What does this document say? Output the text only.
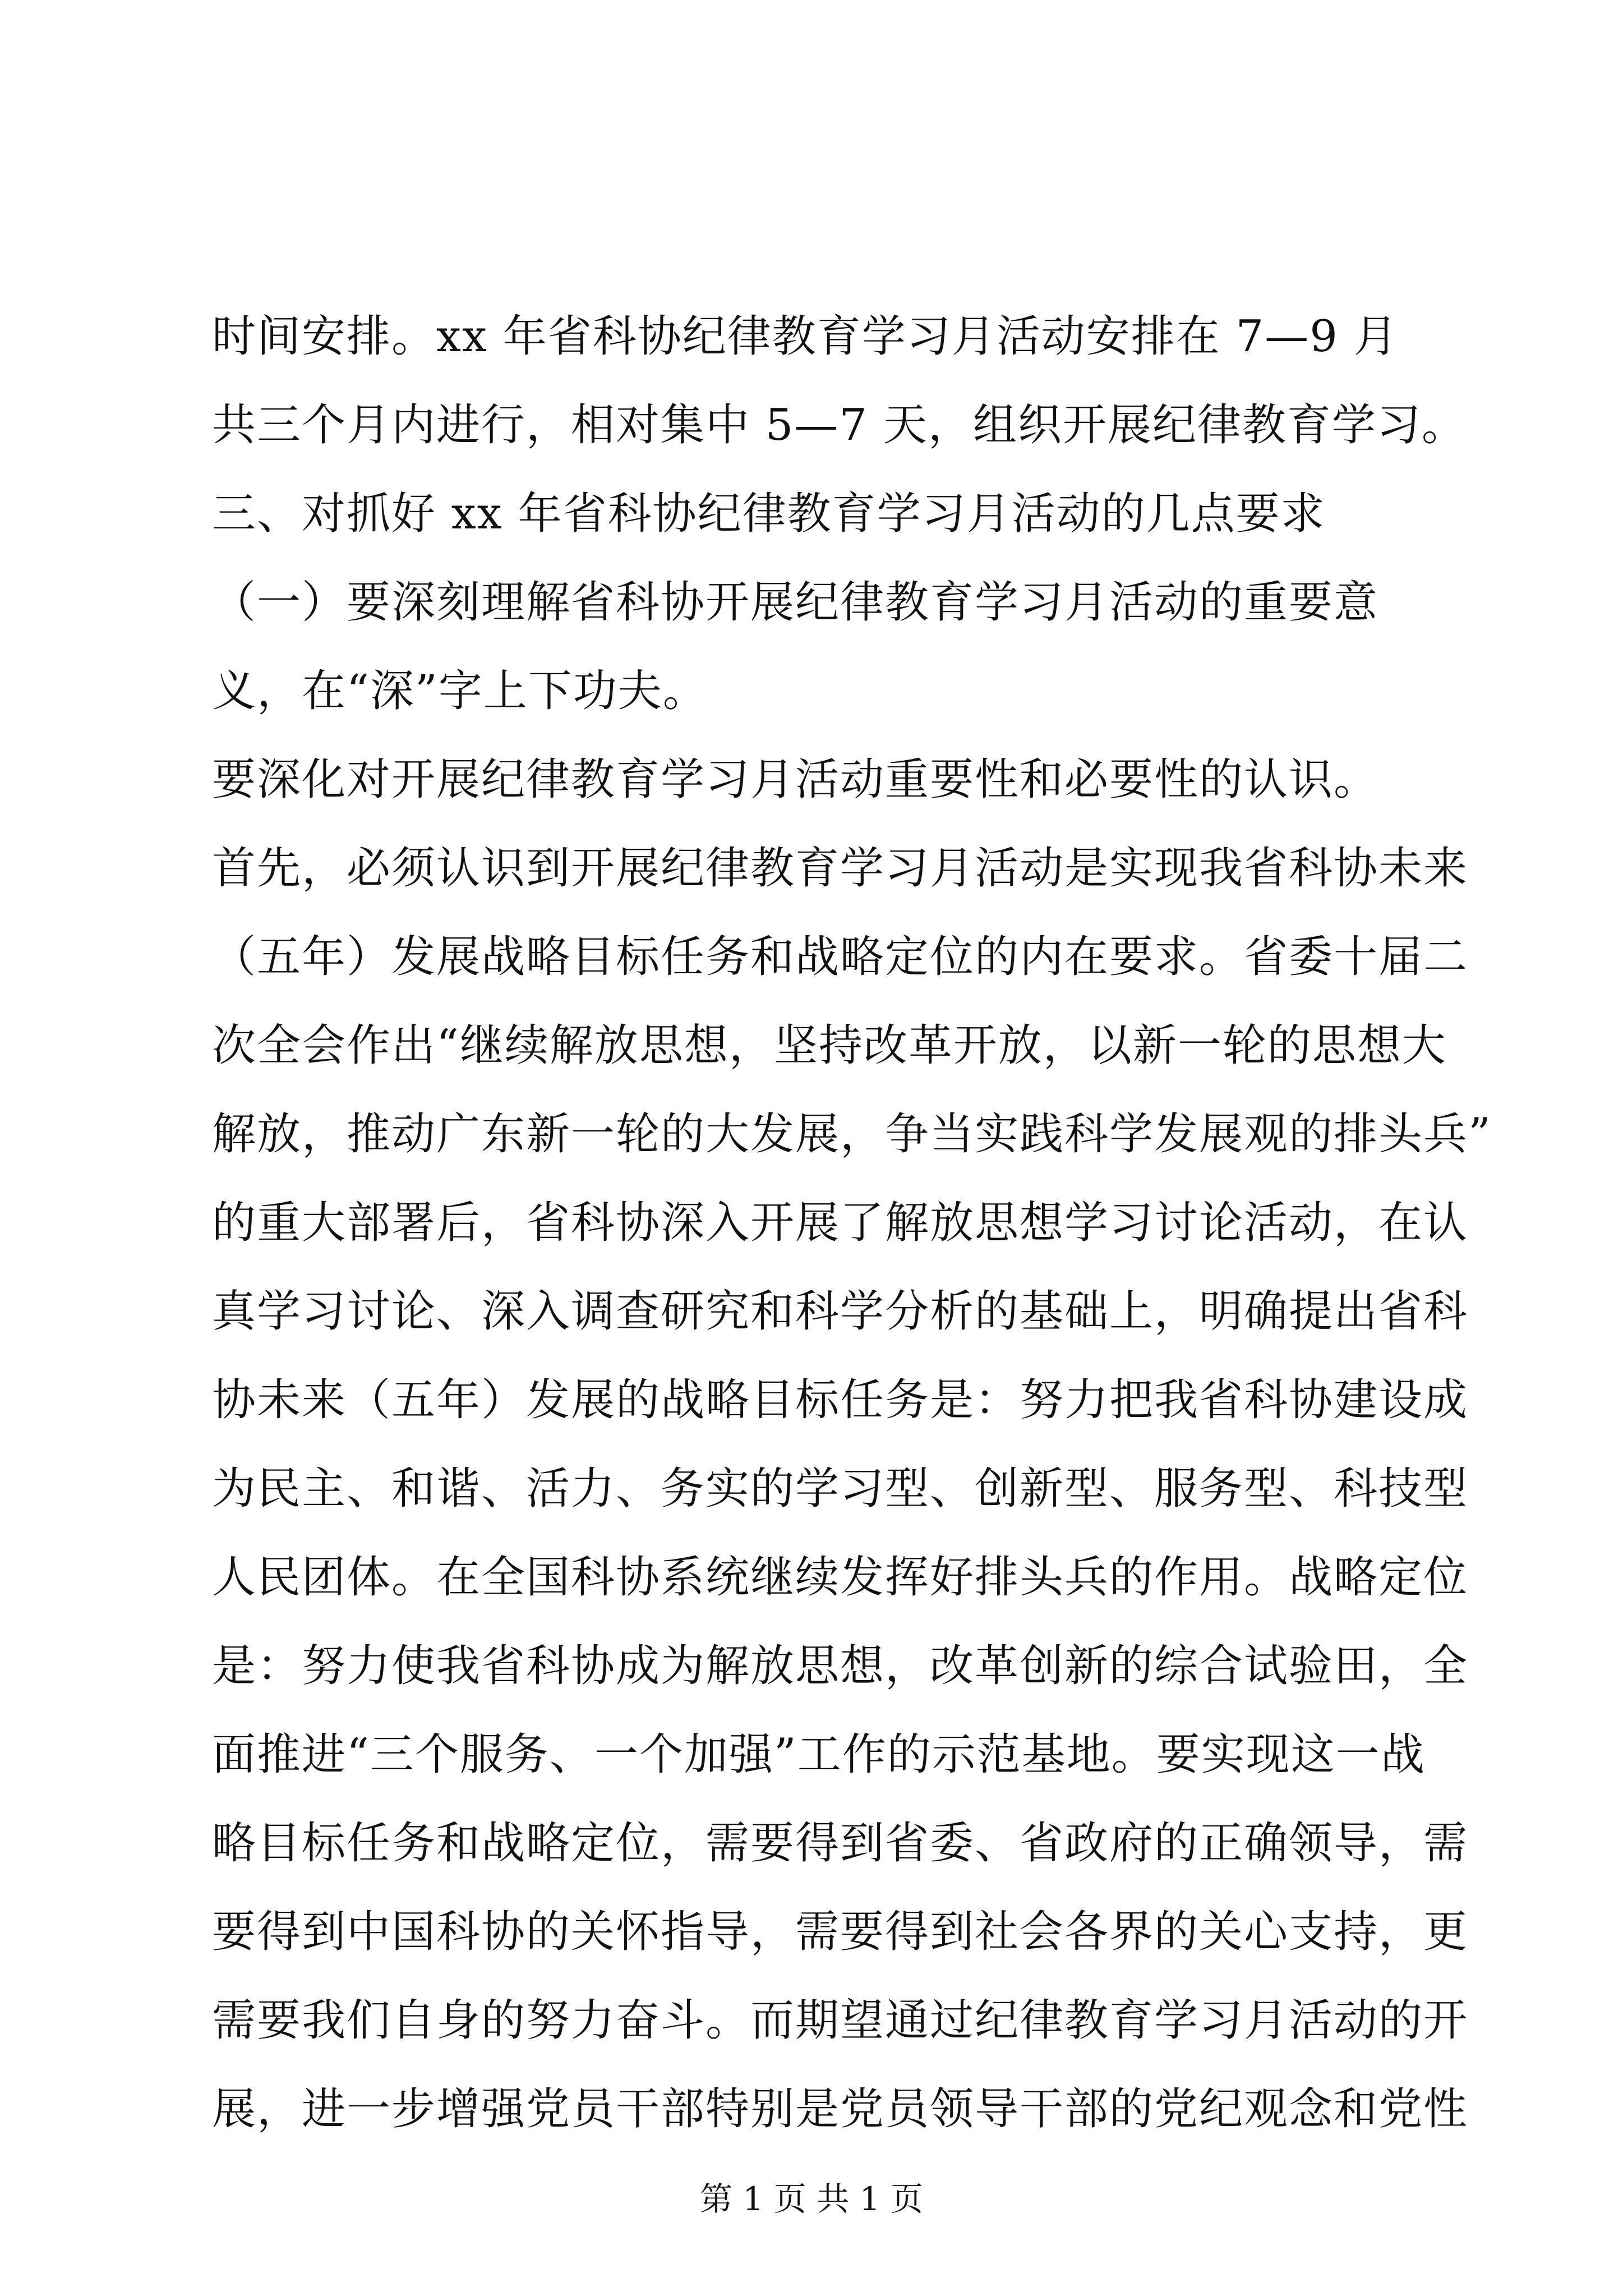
时间安排。xx 年省科协纪律教育学习月活动安排在 7—9 月
共三个月内进行，相对集中 5—7 天，组织开展纪律教育学习。
三、对抓好 xx 年省科协纪律教育学习月活动的几点要求
（一）要深刻理解省科协开展纪律教育学习月活动的重要意
义，在“深”字上下功夫。
要深化对开展纪律教育学习月活动重要性和必要性的认识。
首先，必须认识到开展纪律教育学习月活动是实现我省科协未来
（五年）发展战略目标任务和战略定位的内在要求。省委十届二
次全会作出“继续解放思想，坚持改革开放，以新一轮的思想大
解放，推动广东新一轮的大发展，争当实践科学发展观的排头兵”
的重大部署后，省科协深入开展了解放思想学习讨论活动，在认
真学习讨论、深入调查研究和科学分析的基础上，明确提出省科
协未来（五年）发展的战略目标任务是：努力把我省科协建设成
为民主、和谐、活力、务实的学习型、创新型、服务型、科技型
人民团体。在全国科协系统继续发挥好排头兵的作用。战略定位
是：努力使我省科协成为解放思想，改革创新的综合试验田，全
面推进“三个服务、一个加强”工作的示范基地。要实现这一战
略目标任务和战略定位，需要得到省委、省政府的正确领导，需
要得到中国科协的关怀指导，需要得到社会各界的关心支持，更
需要我们自身的努力奋斗。而期望通过纪律教育学习月活动的开
展，进一步增强党员干部特别是党员领导干部的党纪观念和党性
第 1 页 共 1 页
